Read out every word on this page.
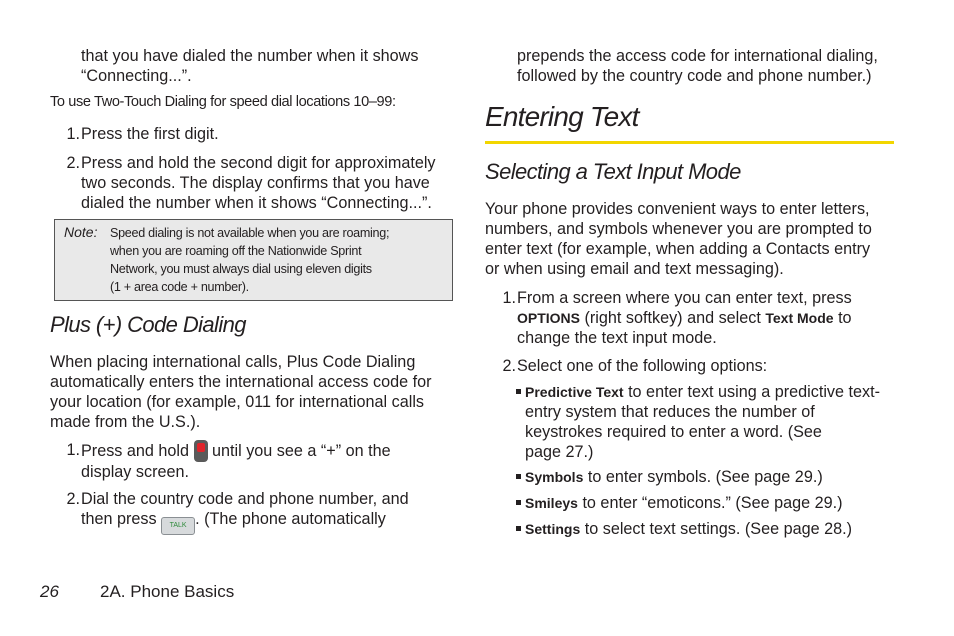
that you have dialed the number when it shows
“Connecting...”.
To use Two-Touch Dialing for speed dial locations 10–99:
1. Press the first digit.
2. Press and hold the second digit for approximately
two seconds. The display confirms that you have
dialed the number when it shows “Connecting...”.
Note: Speed dialing is not available when you are roaming;
when you are roaming off the Nationwide Sprint
Network, you must always dial using eleven digits
(1 + area code + number).
Plus (+) Code Dialing
When placing international calls, Plus Code Dialing
automatically enters the international access code for
your location (for example, 011 for international calls
made from the U.S.).
1. Press and hold until you see a “+” on the
display screen.
2. Dial the country code and phone number, and
then press TALK . (The phone automatically
prepends the access code for international dialing,
followed by the country code and phone number.)
Entering Text
Selecting a Text Input Mode
Your phone provides convenient ways to enter letters,
numbers, and symbols whenever you are prompted to
enter text (for example, when adding a Contacts entry
or when using email and text messaging).
1. From a screen where you can enter text, press
OPTIONS (right softkey) and select Text Mode to
change the text input mode.
2. Select one of the following options:
Predictive Text to enter text using a predictive text-
entry system that reduces the number of
keystrokes required to enter a word. (See
page 27.)
Symbols to enter symbols. (See page 29.)
Smileys to enter “emoticons.” (See page 29.)
Settings to select text settings. (See page 28.)
26 2A. Phone Basics
